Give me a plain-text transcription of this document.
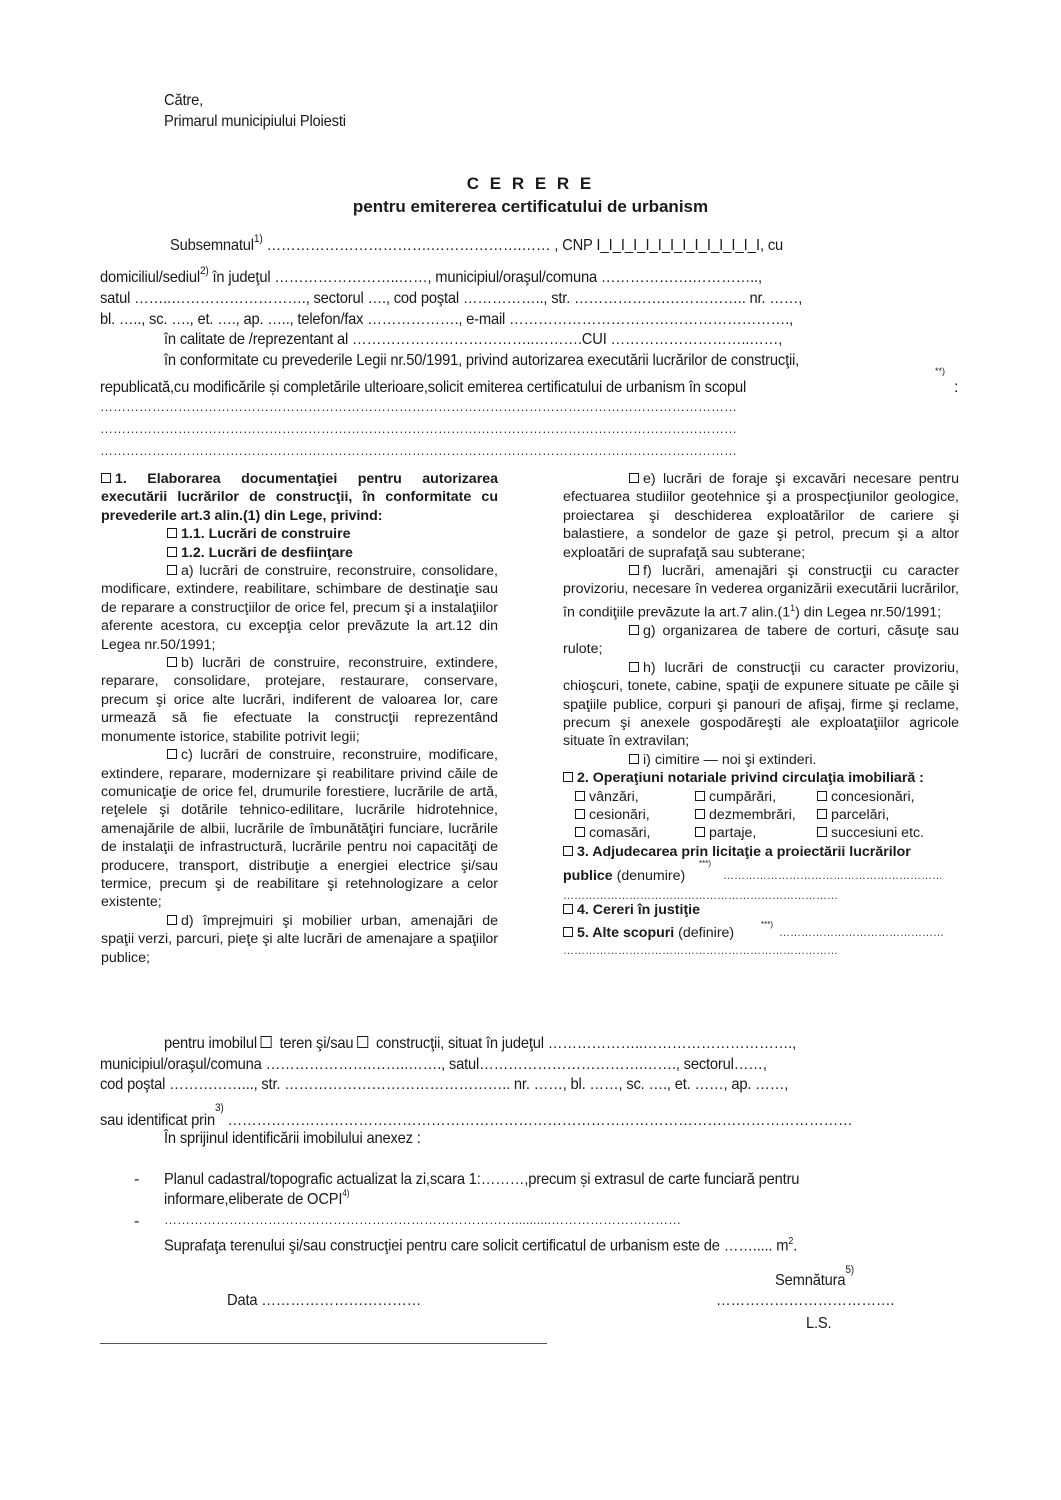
Către,
Primarul municipiului Ploiesti
C E R E R E
pentru emitererea certificatului de urbanism
Subsemnatul$^{1)}$ …………………………….……………….…… , CNP I_I_I_I_I_I_I_I_I_I_I_I_I_I, cu
domiciliul/sediul$^{2)}$ în judeţul ……………………..……, municipiul/oraşul/comuna ……………….…………..,
satul ……..………………………., sectorul …., cod poştal …………….., str. ……………….…………….. nr. ……,
bl. ….., sc. …., et. …., ap. ….., telefon/fax ………………., e-mail ………………………………………………….,
în calitate de /reprezentant al ………………………………..……….CUI ………………………..……,
în conformitate cu prevederile Legii nr.50/1991, privind autorizarea executării lucrărilor de construcţii,
**)
republicată,cu modificările și completările ulterioare,solicit emiterea certificatului de urbanism în scopul	:
…………………………………………………………………………………………………………………………………
…………………………………………………………………………………………………………………………………
…………………………………………………………………………………………………………………………………

1. Elaborarea documentaţiei pentru autorizarea executării lucrărilor de construcţii, în conformitate cu prevederile art.3 alin.(1) din Lege, privind:

1.1. Lucrări de construire

1.2. Lucrări de desfiinţare

a) lucrări de construire, reconstruire, consolidare, modificare, extindere, reabilitare, schimbare de destinaţie sau de reparare a construcţiilor de orice fel, precum şi a instalaţiilor aferente acestora, cu excepţia celor prevăzute la art.12 din Legea nr.50/1991;

b) lucrări de construire, reconstruire, extindere, reparare, consolidare, protejare, restaurare, conservare, precum şi orice alte lucrări, indiferent de valoarea lor, care urmează să fie efectuate la construcţii reprezentând monumente istorice, stabilite potrivit legii;

c) lucrări de construire, reconstruire, modificare, extindere, reparare, modernizare şi reabilitare privind căile de comunicaţie de orice fel, drumurile forestiere, lucrările de artă, reţelele şi dotările tehnico-edilitare, lucrările hidrotehnice, amenajările de albii, lucrările de îmbunătăţiri funciare, lucrările de instalaţii de infrastructură, lucrările pentru noi capacităţi de producere, transport, distribuţie a energiei electrice şi/sau termice, precum şi de reabilitare şi retehnologizare a celor existente;

d) împrejmuiri şi mobilier urban, amenajări de spaţii verzi, parcuri, pieţe şi alte lucrări de amenajare a spaţiilor publice;

e) lucrări de foraje şi excavări necesare pentru efectuarea studiilor geotehnice şi a prospecţiunilor geologice, proiectarea şi deschiderea exploatărilor de cariere şi balastiere, a sondelor de gaze şi petrol, precum şi a altor exploatări de suprafaţă sau subterane;

f) lucrări, amenajări şi construcţii cu caracter provizoriu, necesare în vederea organizării executării lucrărilor, în condiţiile prevăzute la art.7 $alin.(1^1)$ din Legea nr.50/1991;

g) organizarea de tabere de corturi, căsuţe sau rulote;

h) lucrări de construcţii cu caracter provizoriu, chioşcuri, tonete, cabine, spaţii de expunere situate pe căile şi spaţiile publice, corpuri şi panouri de afişaj, firme şi reclame, precum şi anexele gospodăreşti ale exploataţiilor agricole situate în extravilan;

i) cimitire — noi şi extinderi.

2. Operaţiuni notariale privind circulaţia imobiliară :

vânzări,	cumpărări,	concesionări,
cesionări,	dezmembrări,	parcelări,
comasări,	partaje,	succesiuni etc.

3. Adjudecarea prin licitaţie a proiectării lucrărilor

***)
publice (denumire)	……………………………………………………
…………………………………………………………………

4. Cereri în justiţie

***)
5. Alte scopuri (definire)	………………………………………
…………………………………………………………………
pentru imobilul  teren şi/sau  construcţii, situat în judeţul ………………..………………………….,
municipiul/oraşul/comuna ………………….……..……., satul…………………………….……., sectorul……,
cod poştal ……………..., str. ……………………………………….. nr. ……, bl. ……, sc. …., et. ……, ap. ……,
sau identificat prin$^{3)}$ …………………………………………………………………………………………………………………
În sprijinul identificării imobilului anexez :
- Planul cadastral/topografic actualizat la zi,scara 1:………,precum și extrasul de carte funciară pentru
informare,eliberate de OCPI$^{4)}$
- ………………………………………………………………………..........…………………………
Suprafaţa terenului şi/sau construcţiei pentru care solicit certificatul de urbanism este de ……..... $m^2$.
Semnătura$^{5)}$
Data ……………………………	……………………………….
L.S.
